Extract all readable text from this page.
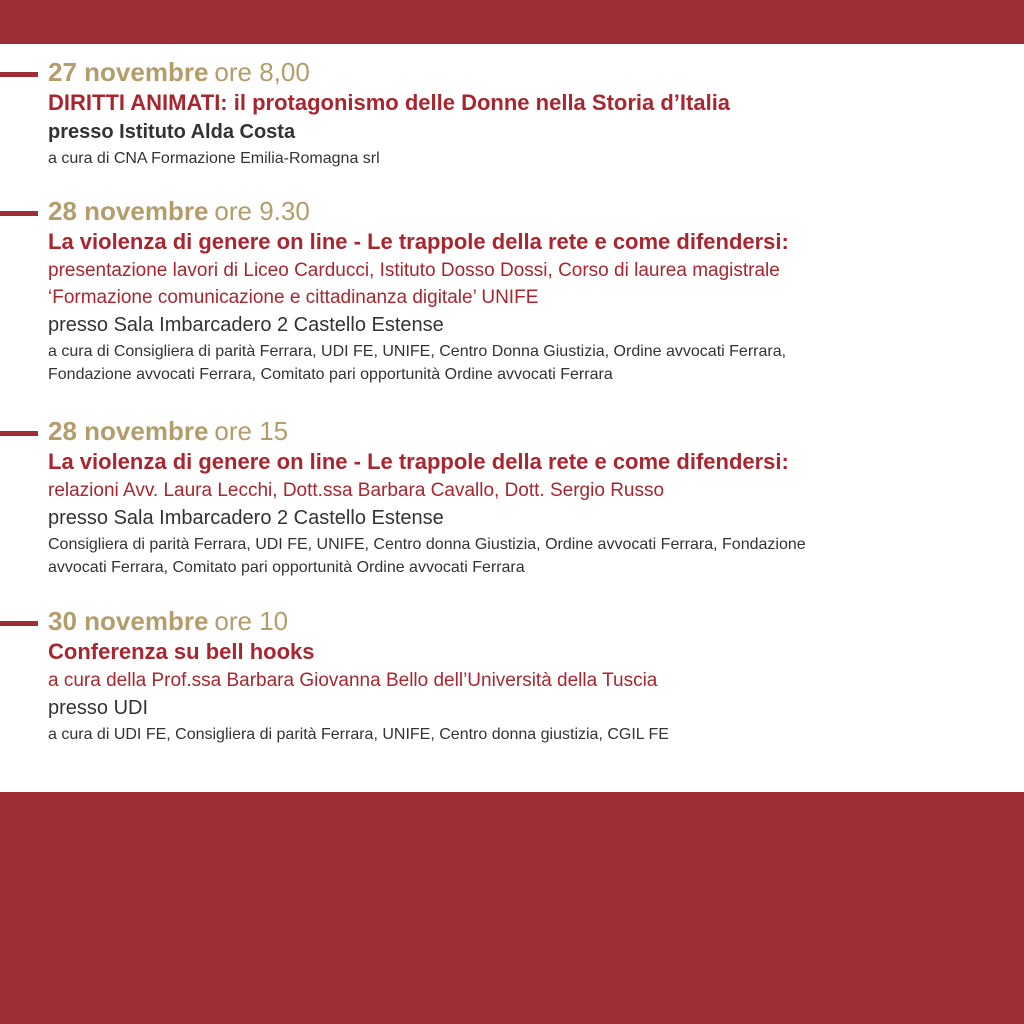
27 novembre ore 8,00
DIRITTI ANIMATI: il protagonismo delle Donne nella Storia d’Italia
presso Istituto Alda Costa
a cura di CNA Formazione Emilia-Romagna srl
28 novembre ore 9.30
La violenza di genere on line - Le trappole della rete e come difendersi:
presentazione lavori di Liceo Carducci, Istituto Dosso Dossi, Corso di laurea magistrale
‘Formazione comunicazione e cittadinanza digitale’ UNIFE
presso Sala Imbarcadero 2 Castello Estense
a cura di Consigliera di parità Ferrara, UDI FE, UNIFE, Centro Donna Giustizia, Ordine avvocati Ferrara,
Fondazione avvocati Ferrara, Comitato pari opportunità Ordine avvocati Ferrara
28 novembre ore 15
La violenza di genere on line - Le trappole della rete e come difendersi:
relazioni Avv. Laura Lecchi, Dott.ssa Barbara Cavallo, Dott. Sergio Russo
presso Sala Imbarcadero 2 Castello Estense
Consigliera di parità Ferrara, UDI FE, UNIFE, Centro donna Giustizia, Ordine avvocati Ferrara, Fondazione
avvocati Ferrara, Comitato pari opportunità Ordine avvocati Ferrara
30 novembre ore 10
Conferenza su bell hooks
a cura della Prof.ssa Barbara Giovanna Bello dell’Università della Tuscia
presso UDI
a cura di UDI FE, Consigliera di parità Ferrara, UNIFE, Centro donna giustizia, CGIL FE
